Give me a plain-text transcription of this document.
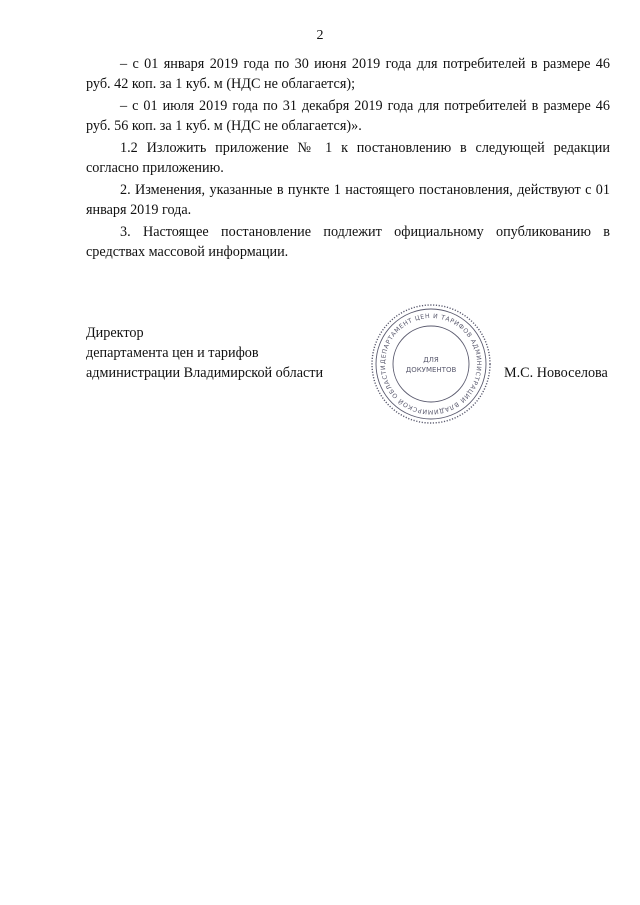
2
– с 01 января 2019 года по 30 июня 2019 года для потребителей в размере 46 руб. 42 коп. за 1 куб. м (НДС не облагается);
– с 01 июля 2019 года по 31 декабря 2019 года для потребителей в размере 46 руб. 56 коп. за 1 куб. м (НДС не облагается)».
1.2 Изложить приложение № 1 к постановлению в следующей редакции согласно приложению.
2. Изменения, указанные в пункте 1 настоящего постановления, действуют с 01 января 2019 года.
3. Настоящее постановление подлежит официальному опубликованию в средствах массовой информации.
Директор
департамента цен и тарифов
администрации Владимирской области
ДЕПАРТАМЕНТ ЦЕН И ТАРИФОВ АДМИНИСТРАЦИИ ВЛАДИМИРСКОЙ ОБЛАСТИ
ДЛЯ
ДОКУМЕНТОВ	М.С. Новоселова
